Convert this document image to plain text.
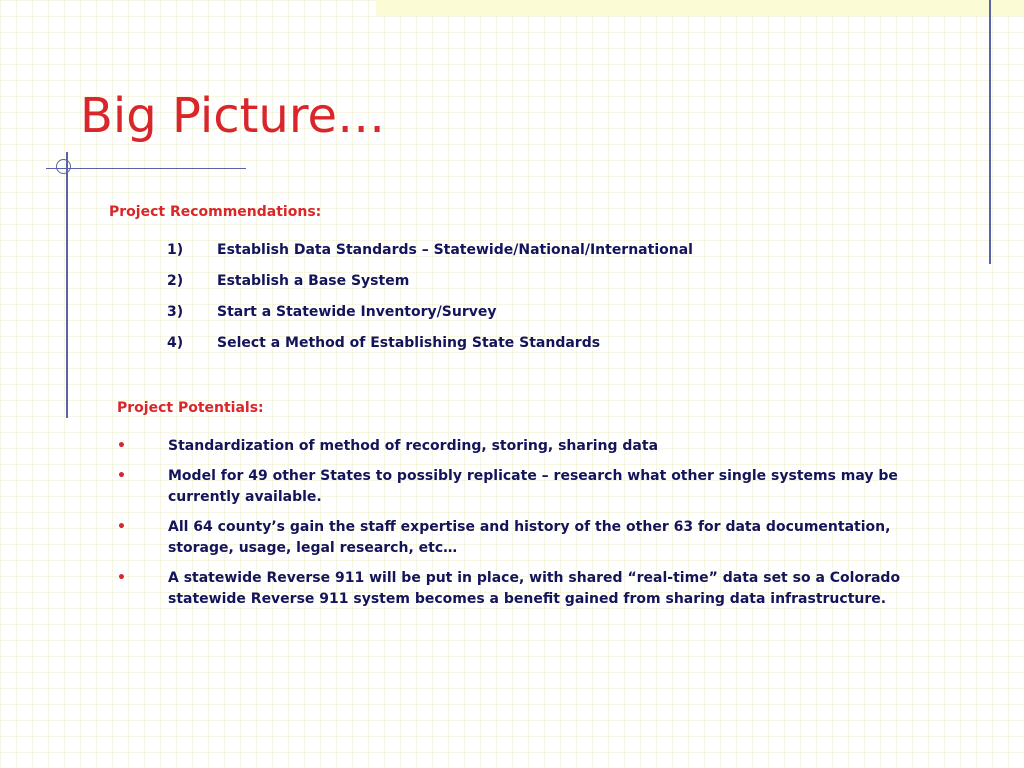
Big Picture…
Project Recommendations:
1)	Establish Data Standards – Statewide/National/International
2)	Establish a Base System
3)	Start a Statewide Inventory/Survey
4)	Select a Method of Establishing State Standards
Project Potentials:
•	Standardization of method of recording, storing, sharing data
•	Model for 49 other States to possibly replicate – research what other single systems may be currently available.
•	All 64 county’s gain the staff expertise and history of the other 63 for data documentation, storage, usage, legal research, etc…
•	A statewide Reverse 911 will be put in place, with shared “real-time” data set so a Colorado statewide Reverse 911 system becomes a benefit gained from sharing data infrastructure.
